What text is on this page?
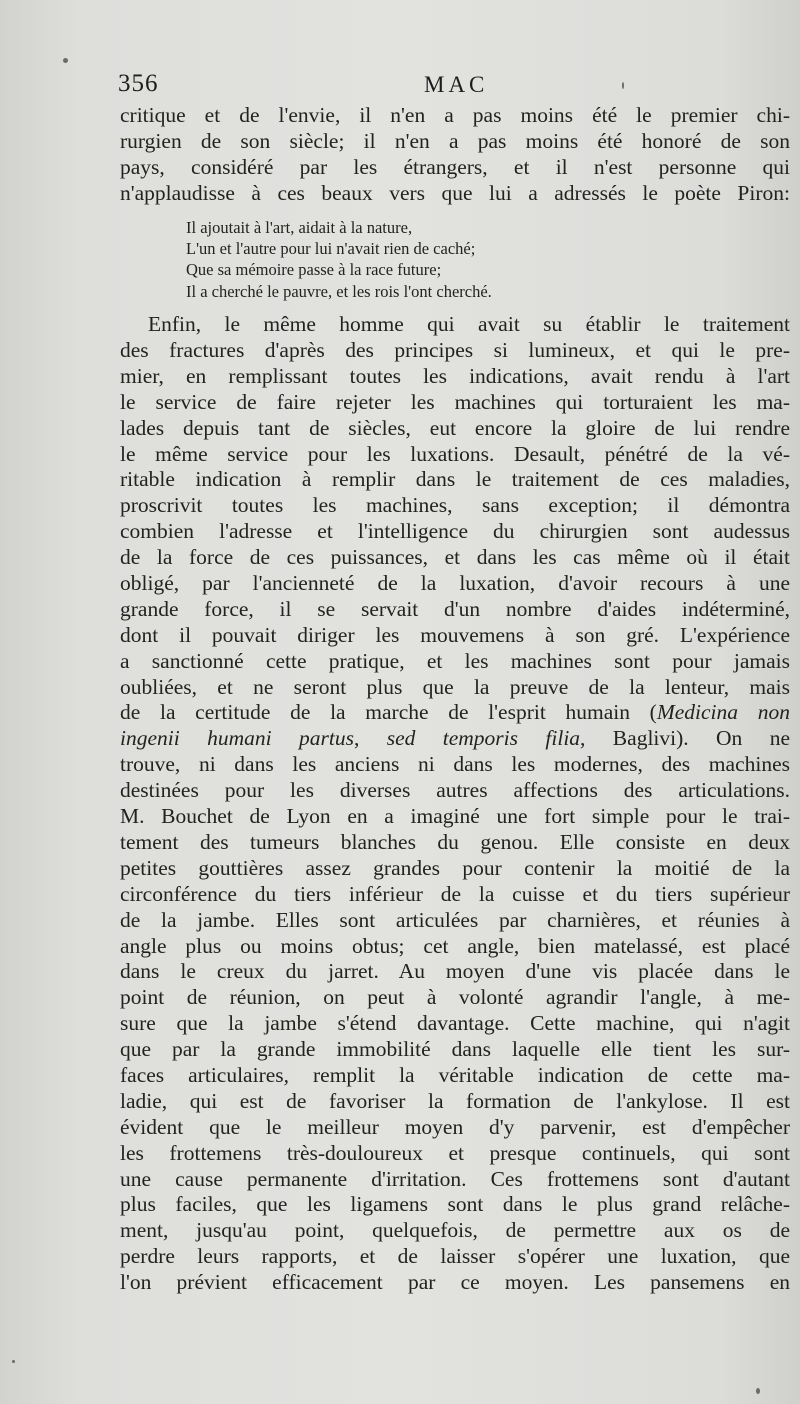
356	MAC
critique et de l'envie, il n'en a pas moins été le premier chi-
rurgien de son siècle; il n'en a pas moins été honoré de son
pays, considéré par les étrangers, et il n'est personne qui
n'applaudisse à ces beaux vers que lui a adressés le poète Piron:
Il ajoutait à l'art, aidait à la nature,
L'un et l'autre pour lui n'avait rien de caché;
Que sa mémoire passe à la race future;
Il a cherché le pauvre, et les rois l'ont cherché.
Enfin, le même homme qui avait su établir le traitement
des fractures d'après des principes si lumineux, et qui le pre-
mier, en remplissant toutes les indications, avait rendu à l'art
le service de faire rejeter les machines qui torturaient les ma-
lades depuis tant de siècles, eut encore la gloire de lui rendre
le même service pour les luxations. Desault, pénétré de la vé-
ritable indication à remplir dans le traitement de ces maladies,
proscrivit toutes les machines, sans exception; il démontra
combien l'adresse et l'intelligence du chirurgien sont audessus
de la force de ces puissances, et dans les cas même où il était
obligé, par l'ancienneté de la luxation, d'avoir recours à une
grande force, il se servait d'un nombre d'aides indéterminé,
dont il pouvait diriger les mouvemens à son gré. L'expérience
a sanctionné cette pratique, et les machines sont pour jamais
oubliées, et ne seront plus que la preuve de la lenteur, mais
de la certitude de la marche de l'esprit humain (Medicina non
ingenii humani partus, sed temporis filia, Baglivi). On ne
trouve, ni dans les anciens ni dans les modernes, des machines
destinées pour les diverses autres affections des articulations.
M. Bouchet de Lyon en a imaginé une fort simple pour le trai-
tement des tumeurs blanches du genou. Elle consiste en deux
petites gouttières assez grandes pour contenir la moitié de la
circonférence du tiers inférieur de la cuisse et du tiers supérieur
de la jambe. Elles sont articulées par charnières, et réunies à
angle plus ou moins obtus; cet angle, bien matelassé, est placé
dans le creux du jarret. Au moyen d'une vis placée dans le
point de réunion, on peut à volonté agrandir l'angle, à me-
sure que la jambe s'étend davantage. Cette machine, qui n'agit
que par la grande immobilité dans laquelle elle tient les sur-
faces articulaires, remplit la véritable indication de cette ma-
ladie, qui est de favoriser la formation de l'ankylose. Il est
évident que le meilleur moyen d'y parvenir, est d'empêcher
les frottemens très-douloureux et presque continuels, qui sont
une cause permanente d'irritation. Ces frottemens sont d'autant
plus faciles, que les ligamens sont dans le plus grand relâche-
ment, jusqu'au point, quelquefois, de permettre aux os de
perdre leurs rapports, et de laisser s'opérer une luxation, que
l'on prévient efficacement par ce moyen. Les pansemens en
